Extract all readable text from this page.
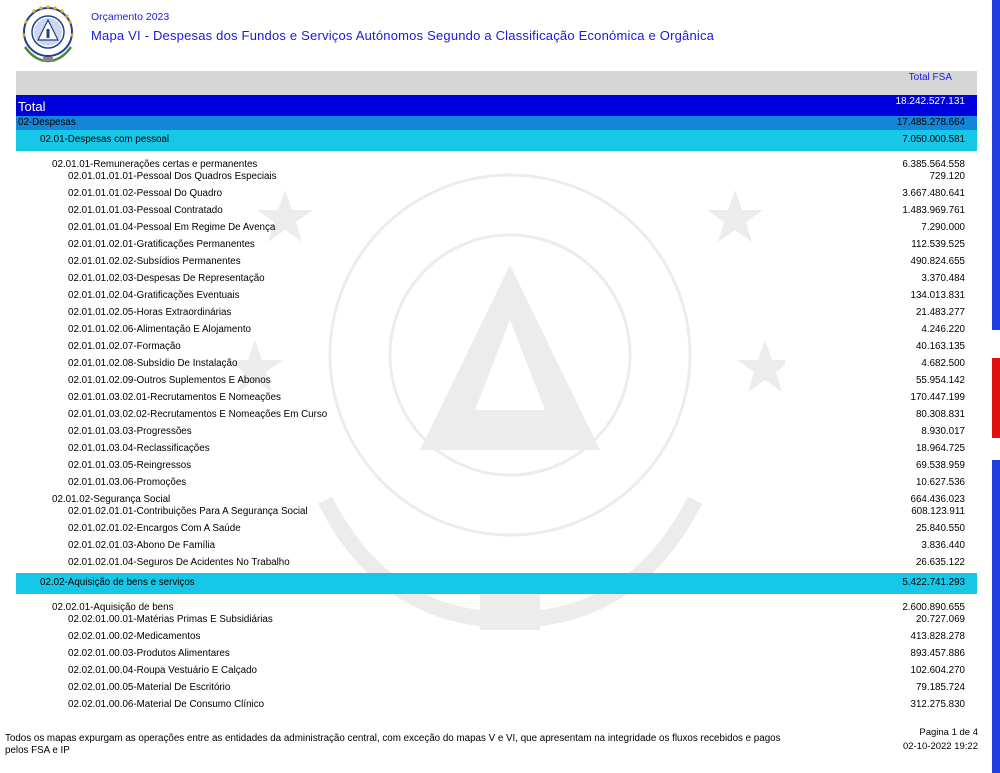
Orçamento 2023
Mapa VI - Despesas dos Fundos e Serviços Autónomos Segundo a Classificação Económica e Orgânica
Total FSA
Total	18.242.527.131
02-Despesas	17.485.278.664
02.01-Despesas com pessoal	7.050.000.581
02.01.01-Remunerações certas e permanentes	6.385.564.558
02.01.01.01.01-Pessoal Dos Quadros Especiais	729.120
02.01.01.01.02-Pessoal Do Quadro	3.667.480.641
02.01.01.01.03-Pessoal Contratado	1.483.969.761
02.01.01.01.04-Pessoal Em Regime De Avença	7.290.000
02.01.01.02.01-Gratificações Permanentes	112.539.525
02.01.01.02.02-Subsídios Permanentes	490.824.655
02.01.01.02.03-Despesas De Representação	3.370.484
02.01.01.02.04-Gratificações Eventuais	134.013.831
02.01.01.02.05-Horas Extraordinárias	21.483.277
02.01.01.02.06-Alimentação E Alojamento	4.246.220
02.01.01.02.07-Formação	40.163.135
02.01.01.02.08-Subsídio De Instalação	4.682.500
02.01.01.02.09-Outros Suplementos E Abonos	55.954.142
02.01.01.03.02.01-Recrutamentos E Nomeações	170.447.199
02.01.01.03.02.02-Recrutamentos E Nomeações Em Curso	80.308.831
02.01.01.03.03-Progressões	8.930.017
02.01.01.03.04-Reclassificações	18.964.725
02.01.01.03.05-Reingressos	69.538.959
02.01.01.03.06-Promoções	10.627.536
02.01.02-Segurança Social	664.436.023
02.01.02.01.01-Contribuições Para A Segurança Social	608.123.911
02.01.02.01.02-Encargos Com A Saúde	25.840.550
02.01.02.01.03-Abono De Família	3.836.440
02.01.02.01.04-Seguros De Acidentes No Trabalho	26.635.122
02.02-Aquisição de bens e serviços	5.422.741.293
02.02.01-Aquisição de bens	2.600.890.655
02.02.01.00.01-Matérias Primas E Subsidiárias	20.727.069
02.02.01.00.02-Medicamentos	413.828.278
02.02.01.00.03-Produtos Alimentares	893.457.886
02.02.01.00.04-Roupa Vestuário E Calçado	102.604.270
02.02.01.00.05-Material De Escritório	79.185.724
02.02.01.00.06-Material De Consumo Clínico	312.275.830
Todos os mapas expurgam as operações entre as entidades da administração central, com exceção do mapas V e VI, que apresentam na integridade os fluxos recebidos e pagos pelos FSA e IP
Pagina 1 de 4
02-10-2022 19:22
